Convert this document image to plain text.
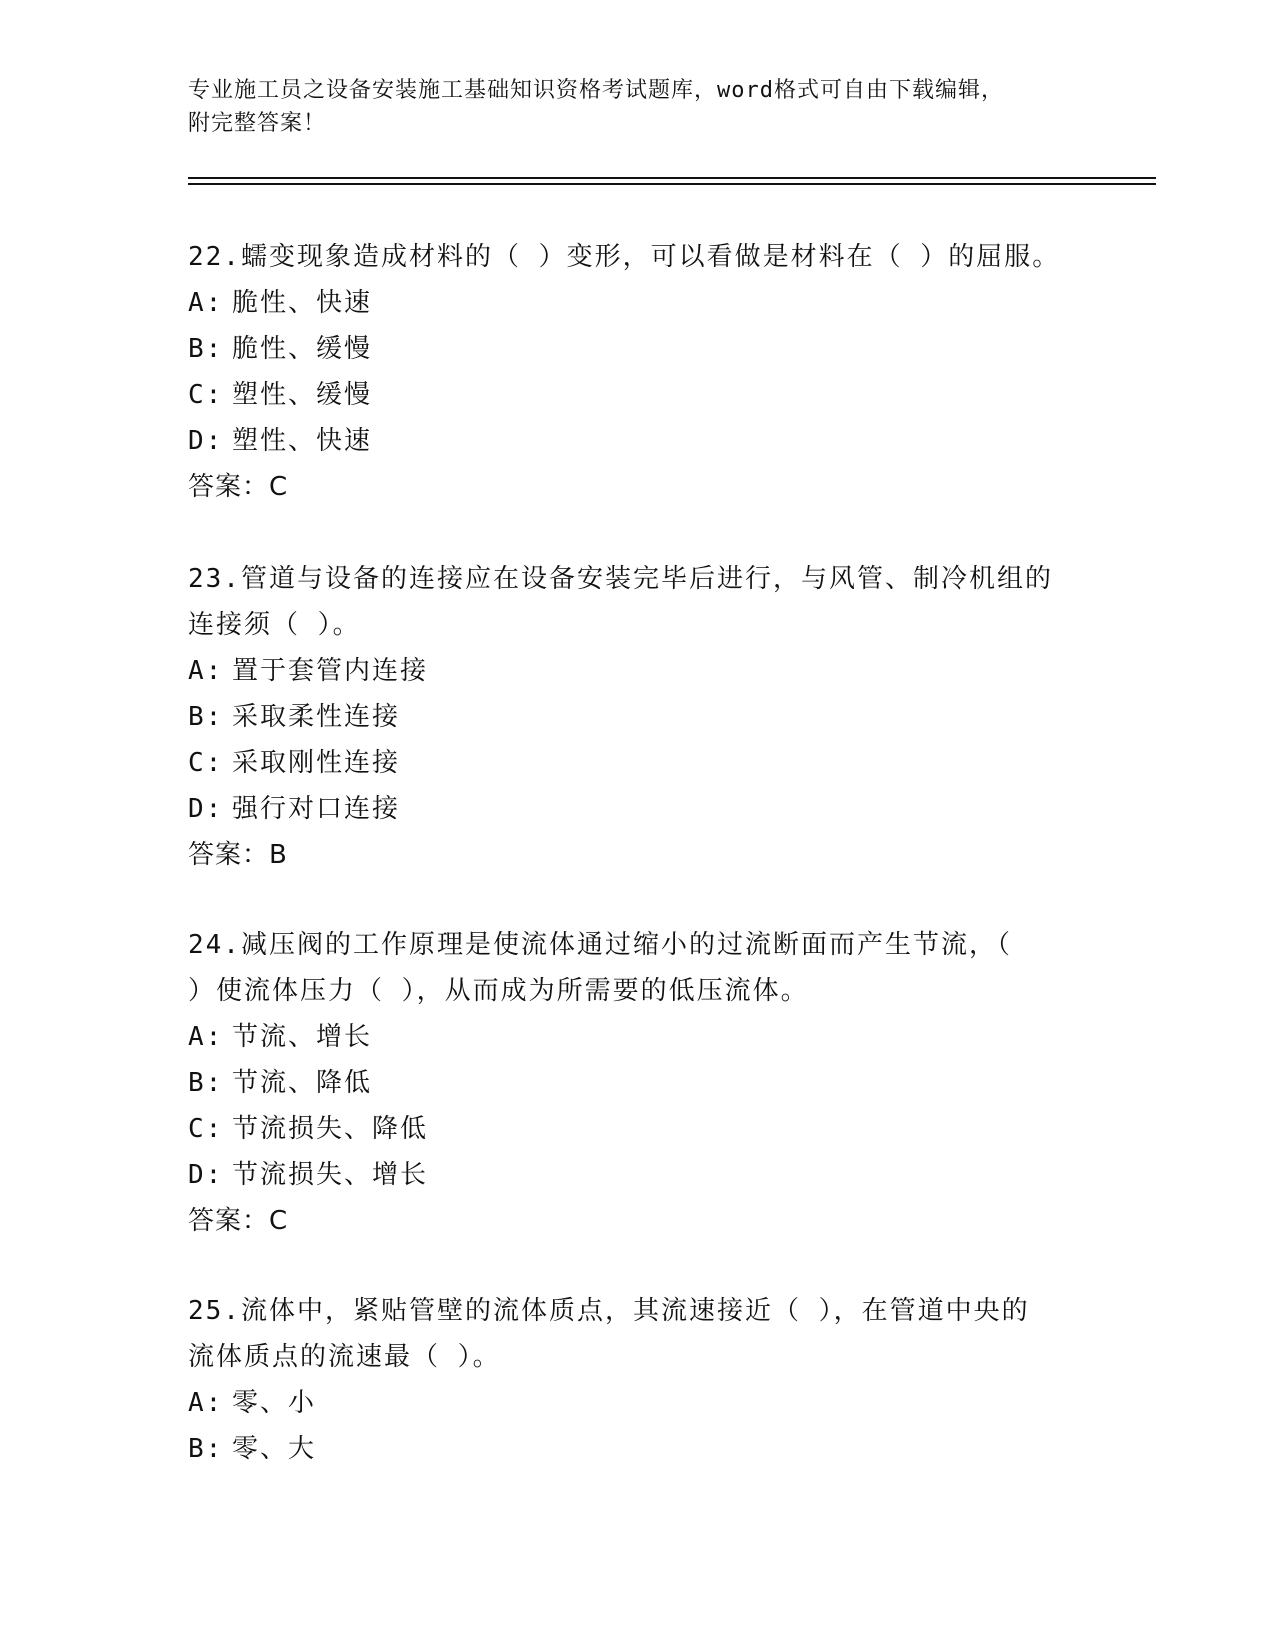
专业施工员之设备安装施工基础知识资格考试题库，word格式可自由下载编辑，
附完整答案！
22.蠕变现象造成材料的（ ）变形，可以看做是材料在（ ）的屈服。
A: 脆性、快速
B: 脆性、缓慢
C: 塑性、缓慢
D: 塑性、快速
答案：C
23.管道与设备的连接应在设备安装完毕后进行，与风管、制冷机组的
连接须（ ）。
A: 置于套管内连接
B: 采取柔性连接
C: 采取刚性连接
D: 强行对口连接
答案：B
24.减压阀的工作原理是使流体通过缩小的过流断面而产生节流，（
）使流体压力（ ），从而成为所需要的低压流体。
A: 节流、增长
B: 节流、降低
C: 节流损失、降低
D: 节流损失、增长
答案：C
25.流体中，紧贴管壁的流体质点，其流速接近（ ），在管道中央的
流体质点的流速最（ ）。
A: 零、小
B: 零、大
